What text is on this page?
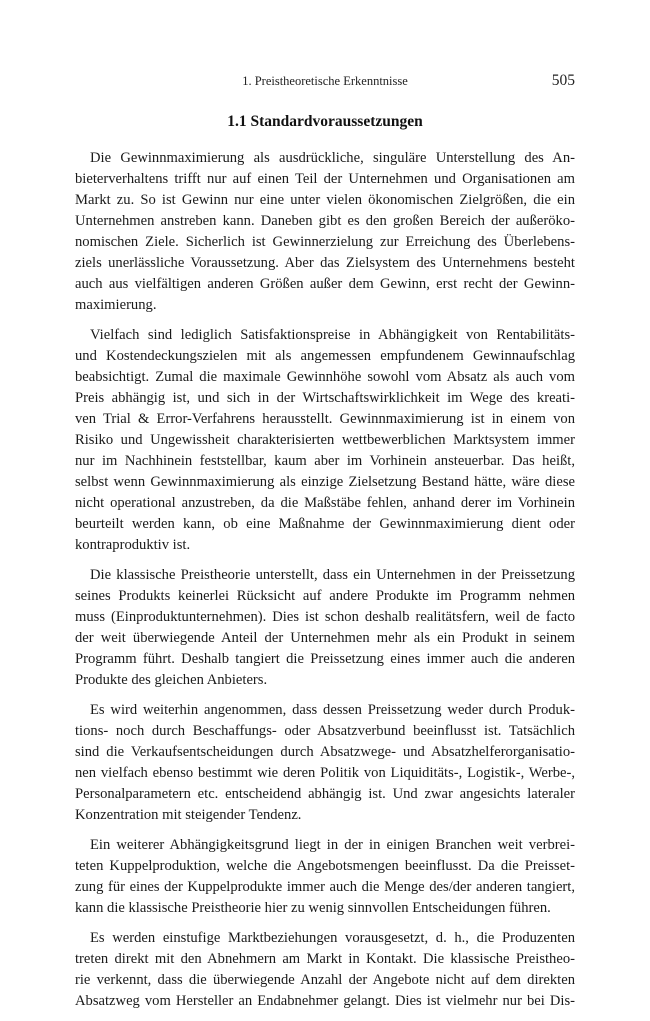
1. Preistheoretische Erkenntnisse	505
1.1 Standardvoraussetzungen
Die Gewinnmaximierung als ausdrückliche, singuläre Unterstellung des An-
bieterverhaltens trifft nur auf einen Teil der Unternehmen und Organisationen am
Markt zu. So ist Gewinn nur eine unter vielen ökonomischen Zielgrößen, die ein
Unternehmen anstreben kann. Daneben gibt es den großen Bereich der außeröko-
nomischen Ziele. Sicherlich ist Gewinnerzielung zur Erreichung des Überlebens-
ziels unerlässliche Voraussetzung. Aber das Zielsystem des Unternehmens besteht
auch aus vielfältigen anderen Größen außer dem Gewinn, erst recht der Gewinn-
maximierung.
Vielfach sind lediglich Satisfaktionspreise in Abhängigkeit von Rentabilitäts-
und Kostendeckungszielen mit als angemessen empfundenem Gewinnaufschlag
beabsichtigt. Zumal die maximale Gewinnhöhe sowohl vom Absatz als auch vom
Preis abhängig ist, und sich in der Wirtschaftswirklichkeit im Wege des kreati-
ven Trial & Error-Verfahrens herausstellt. Gewinnmaximierung ist in einem von
Risiko und Ungewissheit charakterisierten wettbewerblichen Marktsystem immer
nur im Nachhinein feststellbar, kaum aber im Vorhinein ansteuerbar. Das heißt,
selbst wenn Gewinnmaximierung als einzige Zielsetzung Bestand hätte, wäre diese
nicht operational anzustreben, da die Maßstäbe fehlen, anhand derer im Vorhinein
beurteilt werden kann, ob eine Maßnahme der Gewinnmaximierung dient oder
kontraproduktiv ist.
Die klassische Preistheorie unterstellt, dass ein Unternehmen in der Preissetzung
seines Produkts keinerlei Rücksicht auf andere Produkte im Programm nehmen
muss (Einproduktunternehmen). Dies ist schon deshalb realitätsfern, weil de facto
der weit überwiegende Anteil der Unternehmen mehr als ein Produkt in seinem
Programm führt. Deshalb tangiert die Preissetzung eines immer auch die anderen
Produkte des gleichen Anbieters.
Es wird weiterhin angenommen, dass dessen Preissetzung weder durch Produk-
tions- noch durch Beschaffungs- oder Absatzverbund beeinflusst ist. Tatsächlich
sind die Verkaufsentscheidungen durch Absatzwege- und Absatzhelferorganisatio-
nen vielfach ebenso bestimmt wie deren Politik von Liquiditäts-, Logistik-, Werbe-,
Personalparametern etc. entscheidend abhängig ist. Und zwar angesichts lateraler
Konzentration mit steigender Tendenz.
Ein weiterer Abhängigkeitsgrund liegt in der in einigen Branchen weit verbrei-
teten Kuppelproduktion, welche die Angebotsmengen beeinflusst. Da die Preisset-
zung für eines der Kuppelprodukte immer auch die Menge des/der anderen tangiert,
kann die klassische Preistheorie hier zu wenig sinnvollen Entscheidungen führen.
Es werden einstufige Marktbeziehungen vorausgesetzt, d. h., die Produzenten
treten direkt mit den Abnehmern am Markt in Kontakt. Die klassische Preistheo-
rie verkennt, dass die überwiegende Anzahl der Angebote nicht auf dem direkten
Absatzweg vom Hersteller an Endabnehmer gelangt. Dies ist vielmehr nur bei Dis-
